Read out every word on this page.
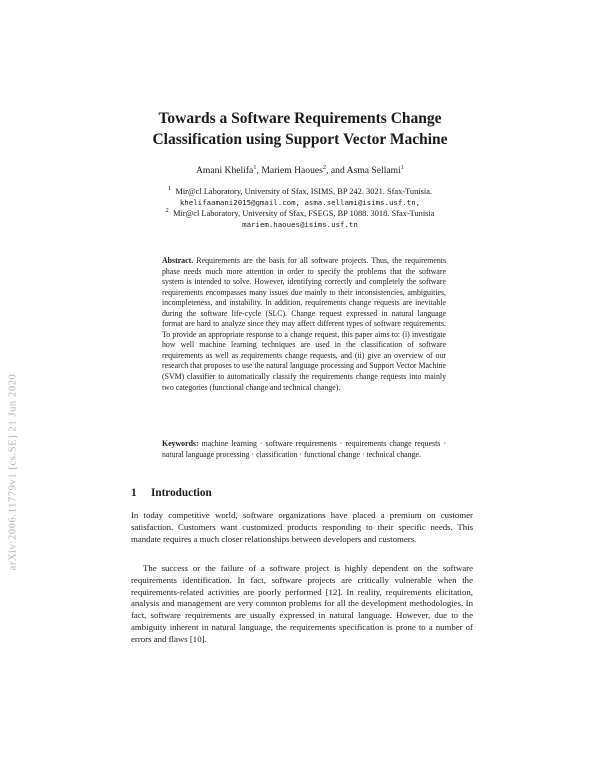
arXiv:2006.11779v1 [cs.SE] 21 Jun 2020
Towards a Software Requirements Change
Classification using Support Vector Machine
Amani Khelifa$^1$, Mariem Haoues$^2$, and Asma Sellami$^1$
$^1$ Mir@cl Laboratory, University of Sfax, ISIMS, BP 242. 3021. Sfax-Tunisia.
khelifaamani2015@gmail.com, asma.sellami@isims.usf.tn,
$^2$ Mir@cl Laboratory, University of Sfax, FSEGS, BP 1088. 3018. Sfax-Tunisia
mariem.haoues@isims.usf.tn

Abstract. Requirements are the basis for all software projects. Thus, the requirements phase needs much more attention in order to specify the problems that the software system is intended to solve. However, identifying correctly and completely the software requirements encompasses many issues due mainly to their inconsistencies, ambiguities, incompleteness, and instability. In addition, requirements change requests are inevitable during the software life-cycle (SLC). Change request expressed in natural language format are hard to analyze since they may affect different types of software requirements. To provide an appropriate response to a change request, this paper aims to: (i) investigate how well machine learning techniques are used in the classification of software requirements as well as requirements change requests, and (ii) give an overview of our research that proposes to use the natural language processing and Support Vector Machine (SVM) classifier to automatically classify the requirements change requests into mainly two categories (functional change and technical change).

Keywords: machine learning · software requirements · requirements change requests · natural language processing · classification · functional change · technical change.

1 Introduction

In today competitive world, software organizations have placed a premium on customer satisfaction. Customers want customized products responding to their specific needs. This mandate requires a much closer relationships between developers and customers.

The success or the failure of a software project is highly dependent on the software requirements identification. In fact, software projects are critically vulnerable when the requirements-related activities are poorly performed [12]. In reality, requirements elicitation, analysis and management are very common problems for all the development methodologies. In fact, software requirements are usually expressed in natural language. However, due to the ambiguity inherent in natural language, the requirements specification is prone to a number of errors and flaws [10].
